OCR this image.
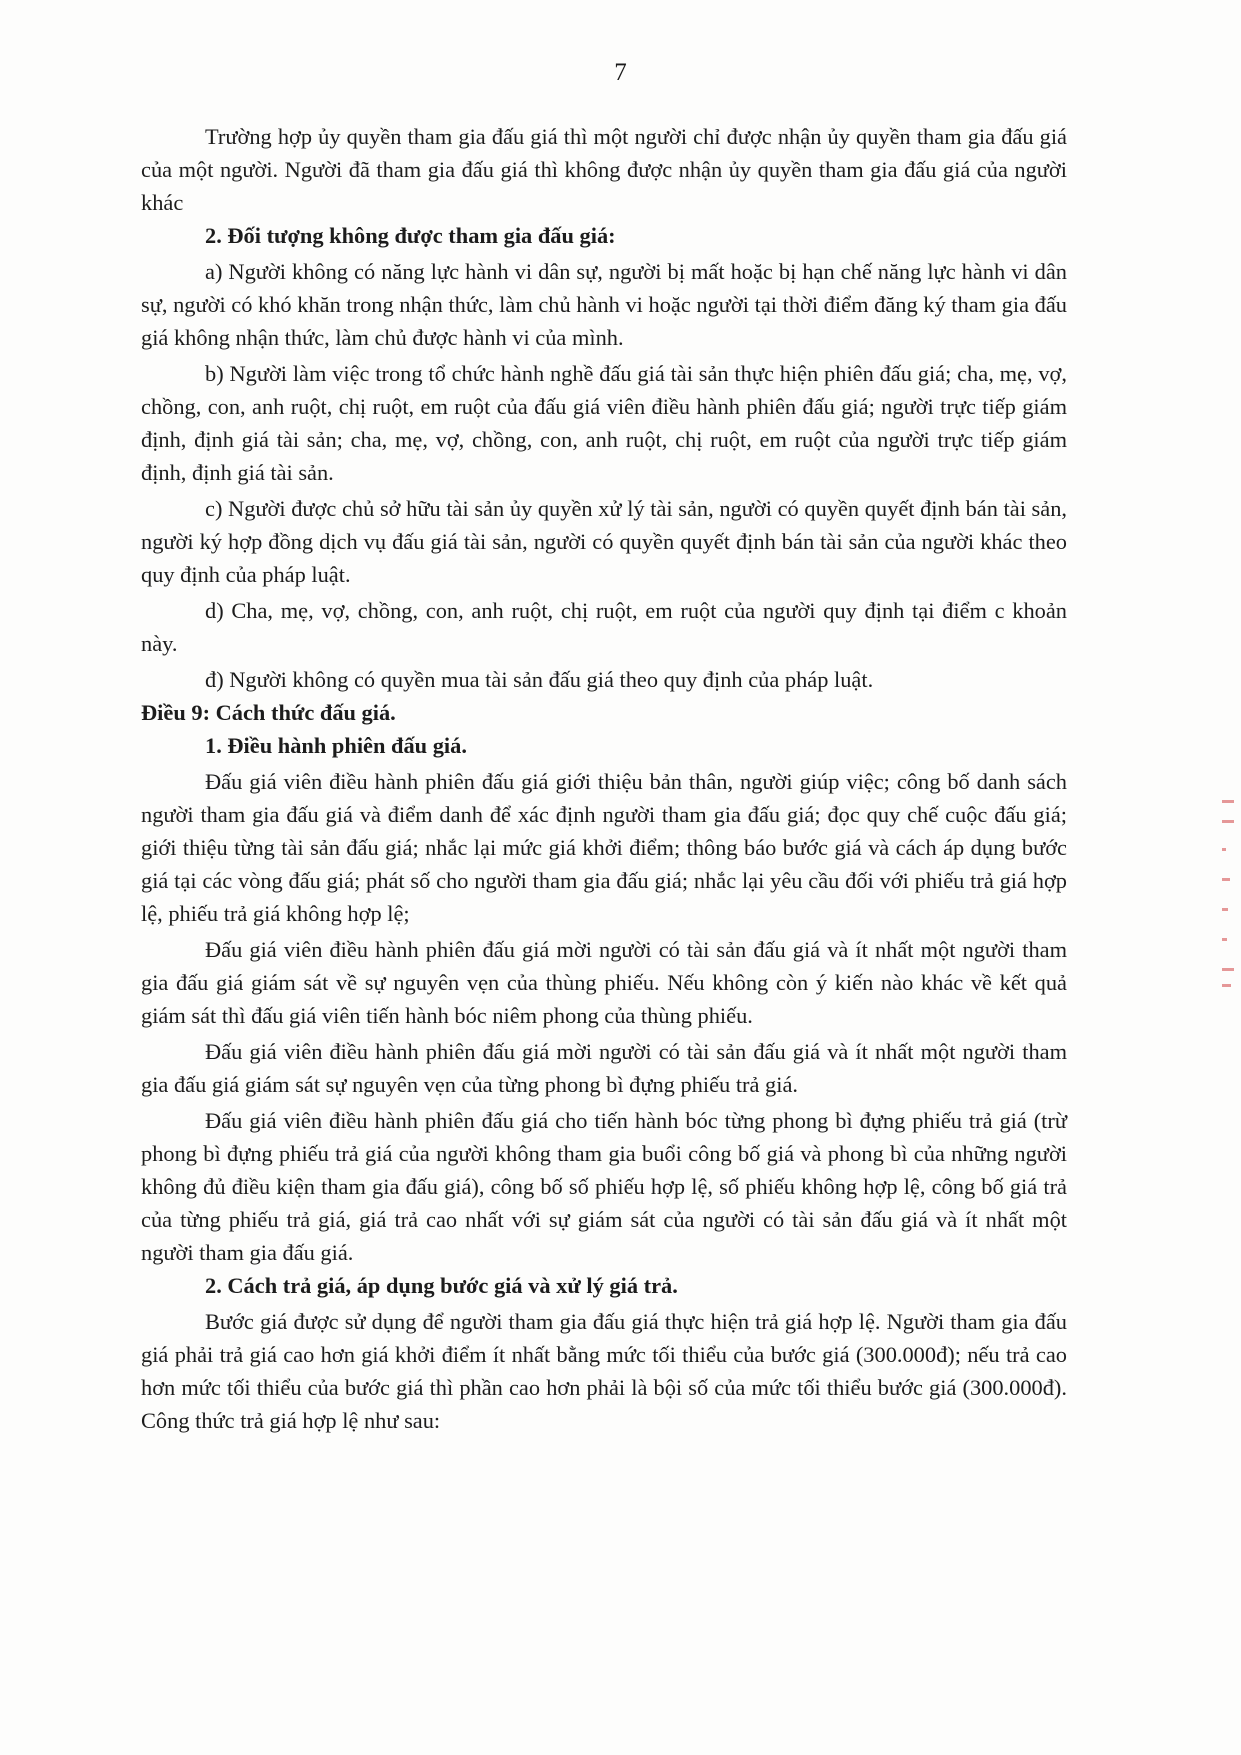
7

Trường hợp ủy quyền tham gia đấu giá thì một người chỉ được nhận ủy quyền tham gia đấu giá của một người. Người đã tham gia đấu giá thì không được nhận ủy quyền tham gia đấu giá của người khác

2. Đối tượng không được tham gia đấu giá:

a) Người không có năng lực hành vi dân sự, người bị mất hoặc bị hạn chế năng lực hành vi dân sự, người có khó khăn trong nhận thức, làm chủ hành vi hoặc người tại thời điểm đăng ký tham gia đấu giá không nhận thức, làm chủ được hành vi của mình.

b) Người làm việc trong tổ chức hành nghề đấu giá tài sản thực hiện phiên đấu giá; cha, mẹ, vợ, chồng, con, anh ruột, chị ruột, em ruột của đấu giá viên điều hành phiên đấu giá; người trực tiếp giám định, định giá tài sản; cha, mẹ, vợ, chồng, con, anh ruột, chị ruột, em ruột của người trực tiếp giám định, định giá tài sản.

c) Người được chủ sở hữu tài sản ủy quyền xử lý tài sản, người có quyền quyết định bán tài sản, người ký hợp đồng dịch vụ đấu giá tài sản, người có quyền quyết định bán tài sản của người khác theo quy định của pháp luật.

d) Cha, mẹ, vợ, chồng, con, anh ruột, chị ruột, em ruột của người quy định tại điểm c khoản này.

đ) Người không có quyền mua tài sản đấu giá theo quy định của pháp luật.

Điều 9: Cách thức đấu giá.

1. Điều hành phiên đấu giá.

Đấu giá viên điều hành phiên đấu giá giới thiệu bản thân, người giúp việc; công bố danh sách người tham gia đấu giá và điểm danh để xác định người tham gia đấu giá; đọc quy chế cuộc đấu giá; giới thiệu từng tài sản đấu giá; nhắc lại mức giá khởi điểm; thông báo bước giá và cách áp dụng bước giá tại các vòng đấu giá; phát số cho người tham gia đấu giá; nhắc lại yêu cầu đối với phiếu trả giá hợp lệ, phiếu trả giá không hợp lệ;

Đấu giá viên điều hành phiên đấu giá mời người có tài sản đấu giá và ít nhất một người tham gia đấu giá giám sát về sự nguyên vẹn của thùng phiếu. Nếu không còn ý kiến nào khác về kết quả giám sát thì đấu giá viên tiến hành bóc niêm phong của thùng phiếu.

Đấu giá viên điều hành phiên đấu giá mời người có tài sản đấu giá và ít nhất một người tham gia đấu giá giám sát sự nguyên vẹn của từng phong bì đựng phiếu trả giá.

Đấu giá viên điều hành phiên đấu giá cho tiến hành bóc từng phong bì đựng phiếu trả giá (trừ phong bì đựng phiếu trả giá của người không tham gia buổi công bố giá và phong bì của những người không đủ điều kiện tham gia đấu giá), công bố số phiếu hợp lệ, số phiếu không hợp lệ, công bố giá trả của từng phiếu trả giá, giá trả cao nhất với sự giám sát của người có tài sản đấu giá và ít nhất một người tham gia đấu giá.

2. Cách trả giá, áp dụng bước giá và xử lý giá trả.

Bước giá được sử dụng để người tham gia đấu giá thực hiện trả giá hợp lệ. Người tham gia đấu giá phải trả giá cao hơn giá khởi điểm ít nhất bằng mức tối thiểu của bước giá (300.000đ); nếu trả cao hơn mức tối thiểu của bước giá thì phần cao hơn phải là bội số của mức tối thiểu bước giá (300.000đ). Công thức trả giá hợp lệ như sau:
